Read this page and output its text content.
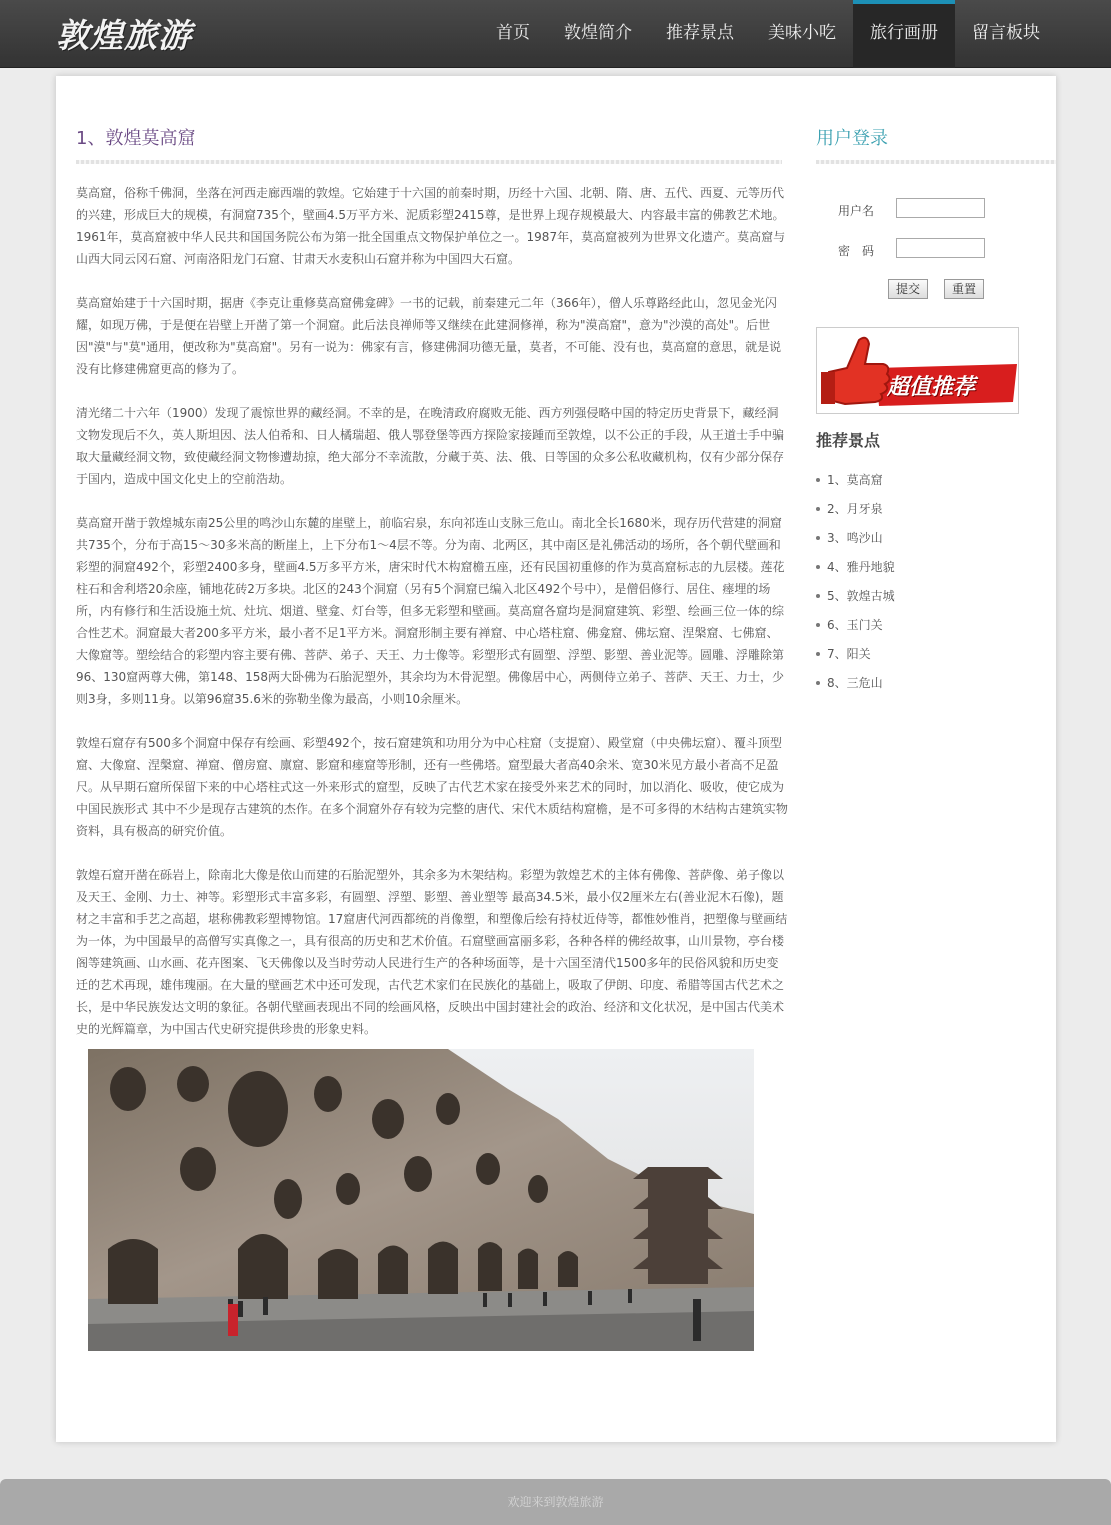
敦煌旅游	首页	敦煌简介	推荐景点	美味小吃	旅行画册	留言板块
1、敦煌莫高窟

莫高窟，俗称千佛洞，坐落在河西走廊西端的敦煌。它始建于十六国的前秦时期，历经十六国、北朝、隋、唐、五代、西夏、元等历代的兴建，形成巨大的规模，有洞窟735个，壁画4.5万平方米、泥质彩塑2415尊，是世界上现存规模最大、内容最丰富的佛教艺术地。1961年，莫高窟被中华人民共和国国务院公布为第一批全国重点文物保护单位之一。1987年，莫高窟被列为世界文化遗产。莫高窟与山西大同云冈石窟、河南洛阳龙门石窟、甘肃天水麦积山石窟并称为中国四大石窟。

莫高窟始建于十六国时期，据唐《李克让重修莫高窟佛龛碑》一书的记载，前秦建元二年（366年），僧人乐尊路经此山，忽见金光闪耀，如现万佛，于是便在岩壁上开凿了第一个洞窟。此后法良禅师等又继续在此建洞修禅，称为"漠高窟"，意为"沙漠的高处"。后世因"漠"与"莫"通用，便改称为"莫高窟"。另有一说为：佛家有言，修建佛洞功德无量，莫者，不可能、没有也，莫高窟的意思，就是说没有比修建佛窟更高的修为了。

清光绪二十六年（1900）发现了震惊世界的藏经洞。不幸的是，在晚清政府腐败无能、西方列强侵略中国的特定历史背景下，藏经洞文物发现后不久，英人斯坦因、法人伯希和、日人橘瑞超、俄人鄂登堡等西方探险家接踵而至敦煌，以不公正的手段，从王道士手中骗取大量藏经洞文物，致使藏经洞文物惨遭劫掠，绝大部分不幸流散，分藏于英、法、俄、日等国的众多公私收藏机构，仅有少部分保存于国内，造成中国文化史上的空前浩劫。

莫高窟开凿于敦煌城东南25公里的鸣沙山东麓的崖壁上，前临宕泉，东向祁连山支脉三危山。南北全长1680米，现存历代营建的洞窟共735个，分布于高15～30多米高的断崖上，上下分布1～4层不等。分为南、北两区，其中南区是礼佛活动的场所，各个朝代壁画和彩塑的洞窟492个，彩塑2400多身，壁画4.5万多平方米，唐宋时代木构窟檐五座，还有民国初重修的作为莫高窟标志的九层楼。莲花柱石和舍利塔20余座，铺地花砖2万多块。北区的243个洞窟（另有5个洞窟已编入北区492个号中），是僧侣修行、居住、瘗埋的场所，内有修行和生活设施土炕、灶坑、烟道、壁龛、灯台等，但多无彩塑和壁画。莫高窟各窟均是洞窟建筑、彩塑、绘画三位一体的综合性艺术。洞窟最大者200多平方米，最小者不足1平方米。洞窟形制主要有禅窟、中心塔柱窟、佛龛窟、佛坛窟、涅槃窟、七佛窟、大像窟等。塑绘结合的彩塑内容主要有佛、菩萨、弟子、天王、力士像等。彩塑形式有圆塑、浮塑、影塑、善业泥等。圆雕、浮雕除第96、130窟两尊大佛，第148、158两大卧佛为石胎泥塑外，其余均为木骨泥塑。佛像居中心，两侧侍立弟子、菩萨、天王、力士，少则3身，多则11身。以第96窟35.6米的弥勒坐像为最高，小则10余厘米。

敦煌石窟存有500多个洞窟中保存有绘画、彩塑492个，按石窟建筑和功用分为中心柱窟（支提窟）、殿堂窟（中央佛坛窟）、覆斗顶型窟、大像窟、涅槃窟、禅窟、僧房窟、廪窟、影窟和瘗窟等形制，还有一些佛塔。窟型最大者高40余米、宽30米见方最小者高不足盈尺。从早期石窟所保留下来的中心塔柱式这一外来形式的窟型，反映了古代艺术家在接受外来艺术的同时，加以消化、吸收，使它成为中国民族形式 其中不少是现存古建筑的杰作。在多个洞窟外存有较为完整的唐代、宋代木质结构窟檐，是不可多得的木结构古建筑实物资料，具有极高的研究价值。

敦煌石窟开凿在砾岩上，除南北大像是依山而建的石胎泥塑外，其余多为木架结构。彩塑为敦煌艺术的主体有佛像、菩萨像、弟子像以及天王、金刚、力士、神等。彩塑形式丰富多彩，有圆塑、浮塑、影塑、善业塑等 最高34.5米，最小仅2厘米左右(善业泥木石像)，题材之丰富和手艺之高超，堪称佛教彩塑博物馆。17窟唐代河西都统的肖像塑，和塑像后绘有持杖近侍等，都惟妙惟肖，把塑像与壁画结为一体，为中国最早的高僧写实真像之一，具有很高的历史和艺术价值。石窟壁画富丽多彩，各种各样的佛经故事，山川景物，亭台楼阁等建筑画、山水画、花卉图案、飞天佛像以及当时劳动人民进行生产的各种场面等，是十六国至清代1500多年的民俗风貌和历史变迁的艺术再现，雄伟瑰丽。在大量的壁画艺术中还可发现，古代艺术家们在民族化的基础上，吸取了伊朗、印度、希腊等国古代艺术之长，是中华民族发达文明的象征。各朝代壁画表现出不同的绘画风格，反映出中国封建社会的政治、经济和文化状况，是中国古代美术史的光辉篇章，为中国古代史研究提供珍贵的形象史料。

用户登录
用户名
密　码
提交	重置
超值推荐
推荐景点
1、莫高窟
2、月牙泉
3、鸣沙山
4、雅丹地貌
5、敦煌古城
6、玉门关
7、阳关
8、三危山
欢迎来到敦煌旅游
